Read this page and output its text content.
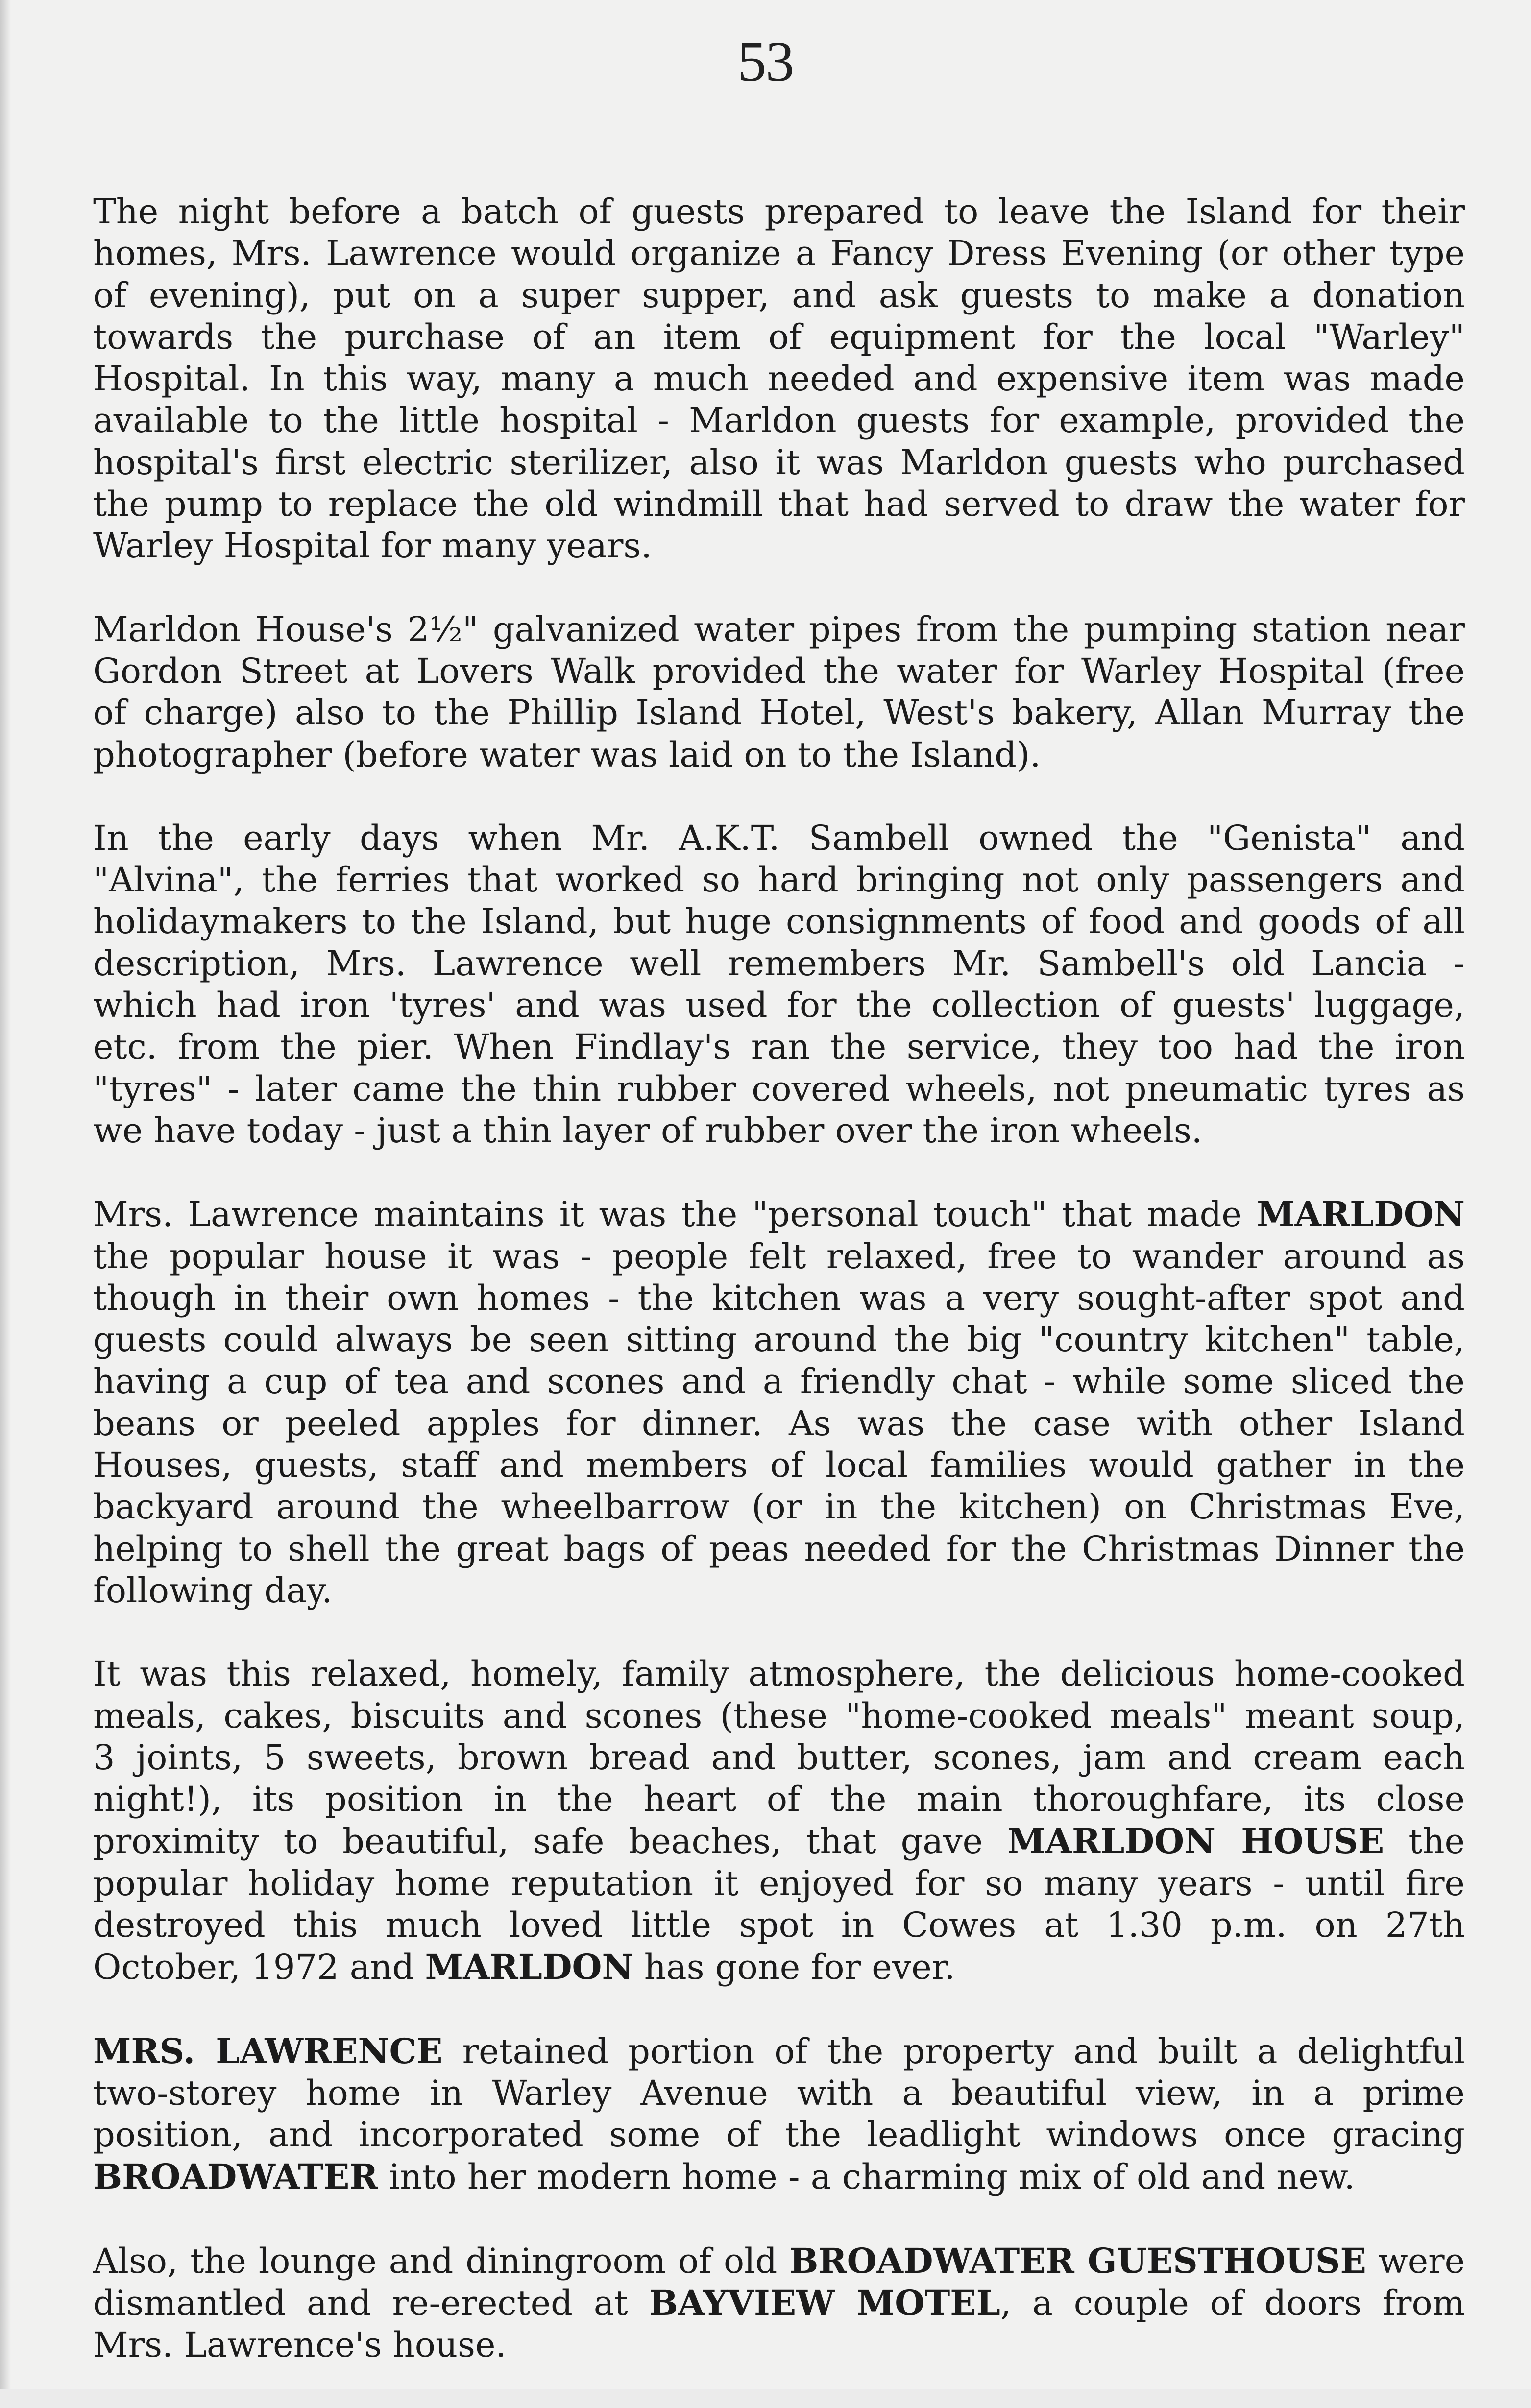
53
The night before a batch of guests prepared to leave the Island for their
homes, Mrs. Lawrence would organize a Fancy Dress Evening (or other type
of evening), put on a super supper, and ask guests to make a donation
towards the purchase of an item of equipment for the local "Warley"
Hospital. In this way, many a much needed and expensive item was made
available to the little hospital - Marldon guests for example, provided the
hospital's first electric sterilizer, also it was Marldon guests who purchased
the pump to replace the old windmill that had served to draw the water for
Warley Hospital for many years.
Marldon House's 2½" galvanized water pipes from the pumping station near
Gordon Street at Lovers Walk provided the water for Warley Hospital (free
of charge) also to the Phillip Island Hotel, West's bakery, Allan Murray the
photographer (before water was laid on to the Island).
In the early days when Mr. A.K.T. Sambell owned the "Genista" and
"Alvina", the ferries that worked so hard bringing not only passengers and
holidaymakers to the Island, but huge consignments of food and goods of all
description, Mrs. Lawrence well remembers Mr. Sambell's old Lancia -
which had iron 'tyres' and was used for the collection of guests' luggage,
etc. from the pier. When Findlay's ran the service, they too had the iron
"tyres" - later came the thin rubber covered wheels, not pneumatic tyres as
we have today - just a thin layer of rubber over the iron wheels.
Mrs. Lawrence maintains it was the "personal touch" that made MARLDON
the popular house it was - people felt relaxed, free to wander around as
though in their own homes - the kitchen was a very sought-after spot and
guests could always be seen sitting around the big "country kitchen" table,
having a cup of tea and scones and a friendly chat - while some sliced the
beans or peeled apples for dinner. As was the case with other Island
Houses, guests, staff and members of local families would gather in the
backyard around the wheelbarrow (or in the kitchen) on Christmas Eve,
helping to shell the great bags of peas needed for the Christmas Dinner the
following day.
It was this relaxed, homely, family atmosphere, the delicious home-cooked
meals, cakes, biscuits and scones (these "home-cooked meals" meant soup,
3 joints, 5 sweets, brown bread and butter, scones, jam and cream each
night!), its position in the heart of the main thoroughfare, its close
proximity to beautiful, safe beaches, that gave MARLDON HOUSE the
popular holiday home reputation it enjoyed for so many years - until fire
destroyed this much loved little spot in Cowes at 1.30 p.m. on 27th
October, 1972 and MARLDON has gone for ever.
MRS. LAWRENCE retained portion of the property and built a delightful
two-storey home in Warley Avenue with a beautiful view, in a prime
position, and incorporated some of the leadlight windows once gracing
BROADWATER into her modern home - a charming mix of old and new.
Also, the lounge and diningroom of old BROADWATER GUESTHOUSE were
dismantled and re-erected at BAYVIEW MOTEL, a couple of doors from
Mrs. Lawrence's house.
